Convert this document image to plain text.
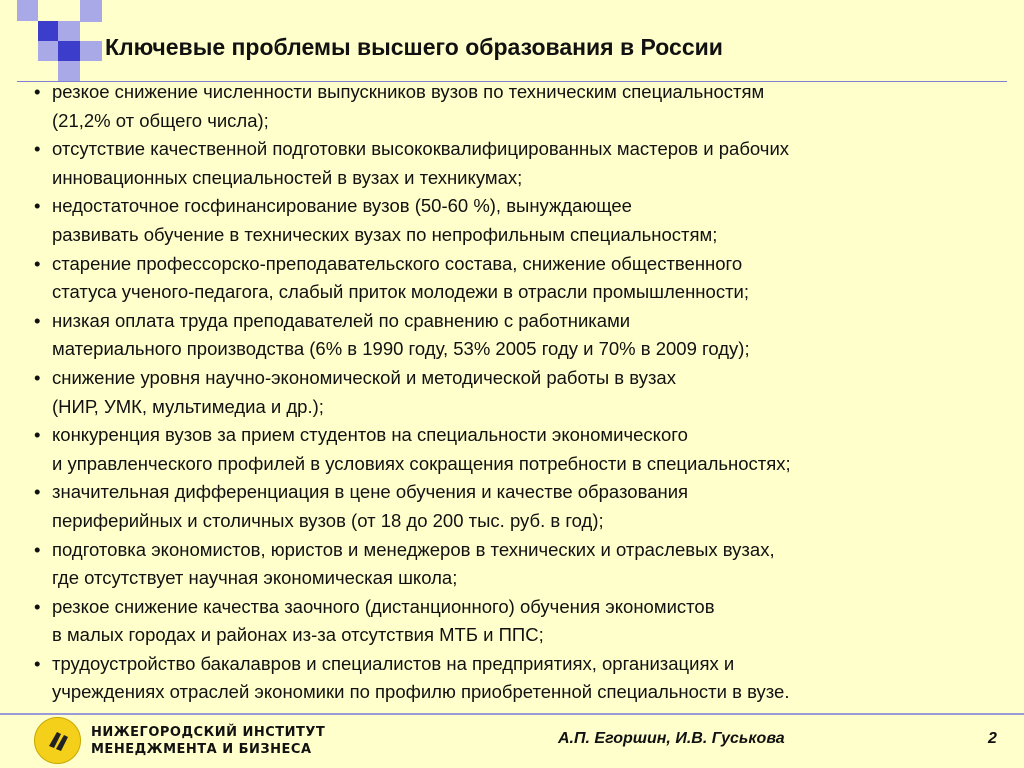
Ключевые проблемы высшего образования в России
• резкое снижение численности выпускников вузов по техническим специальностям
(21,2% от общего числа);
• отсутствие качественной подготовки высококвалифицированных мастеров и рабочих
инновационных специальностей в вузах и техникумах;
• недостаточное госфинансирование вузов (50-60 %), вынуждающее
развивать обучение в технических вузах по непрофильным специальностям;
• старение профессорско-преподавательского состава, снижение общественного
статуса ученого-педагога, слабый приток молодежи в отрасли промышленности;
• низкая оплата труда преподавателей по сравнению с работниками
материального производства (6% в 1990 году, 53% 2005 году и 70% в 2009 году);
• снижение уровня научно-экономической и методической работы в вузах
(НИР, УМК, мультимедиа и др.);
• конкуренция вузов за прием студентов на специальности экономического
и управленческого профилей в условиях сокращения потребности в специальностях;
• значительная дифференциация в цене обучения и качестве образования
периферийных и столичных вузов (от 18 до 200 тыс. руб. в год);
• подготовка экономистов, юристов и менеджеров в технических и отраслевых вузах,
где отсутствует научная экономическая школа;
• резкое снижение качества заочного (дистанционного) обучения экономистов
в малых городах и районах из-за отсутствия МТБ и ППС;
• трудоустройство бакалавров и специалистов на предприятиях, организациях и
учреждениях отраслей экономики по профилю приобретенной специальности в вузе.
НИЖЕГОРОДСКИЙ ИНСТИТУТ
МЕНЕДЖМЕНТА И БИЗНЕСА
А.П. Егоршин, И.В. Гуськова	2
